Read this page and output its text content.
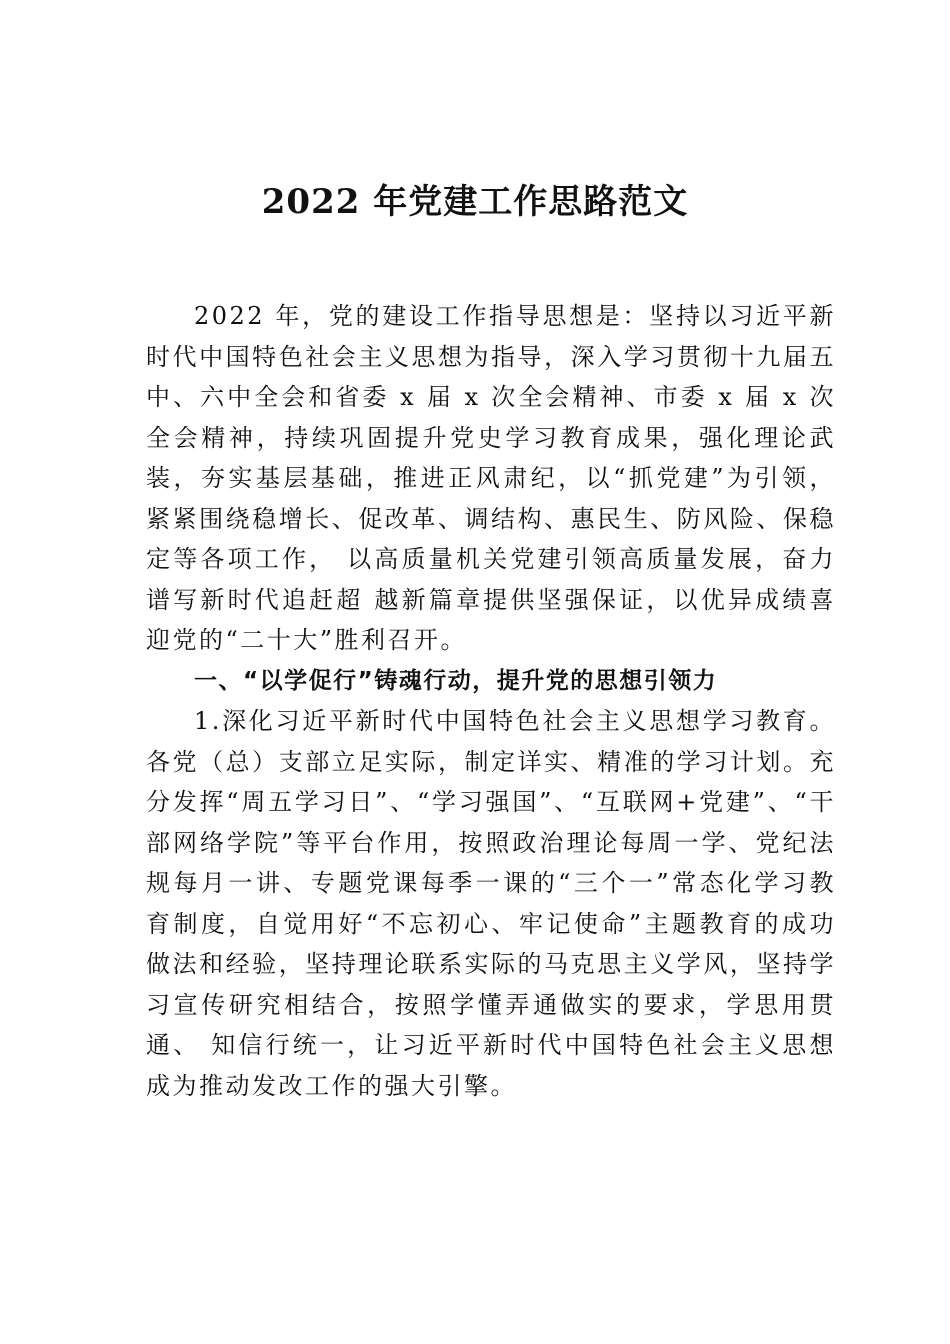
2022 年党建工作思路范文

2022 年，党的建设工作指导思想是：坚持以习近平新时代中国特色社会主义思想为指导，深入学习贯彻十九届五中、六中全会和省委 x 届 x 次全会精神、市委 x 届 x 次全会精神，持续巩固提升党史学习教育成果，强化理论武装，夯实基层基础，推进正风肃纪，以“抓党建”为引领，紧紧围绕稳增长、促改革、调结构、惠民生、防风险、保稳定等各项工作， 以高质量机关党建引领高质量发展，奋力谱写新时代追赶超 越新篇章提供坚强保证，以优异成绩喜迎党的“二十大”胜利召开。

一、“以学促行”铸魂行动，提升党的思想引领力

1.深化习近平新时代中国特色社会主义思想学习教育。各党（总）支部立足实际，制定详实、精准的学习计划。充分发挥“周五学习日”、“学习强国”、“互联网+党建”、“干部网络学院”等平台作用，按照政治理论每周一学、党纪法规每月一讲、专题党课每季一课的“三个一”常态化学习教育制度，自觉用好“不忘初心、牢记使命”主题教育的成功做法和经验，坚持理论联系实际的马克思主义学风，坚持学习宣传研究相结合，按照学懂弄通做实的要求，学思用贯通、 知信行统一，让习近平新时代中国特色社会主义思想成为推动发改工作的强大引擎。
